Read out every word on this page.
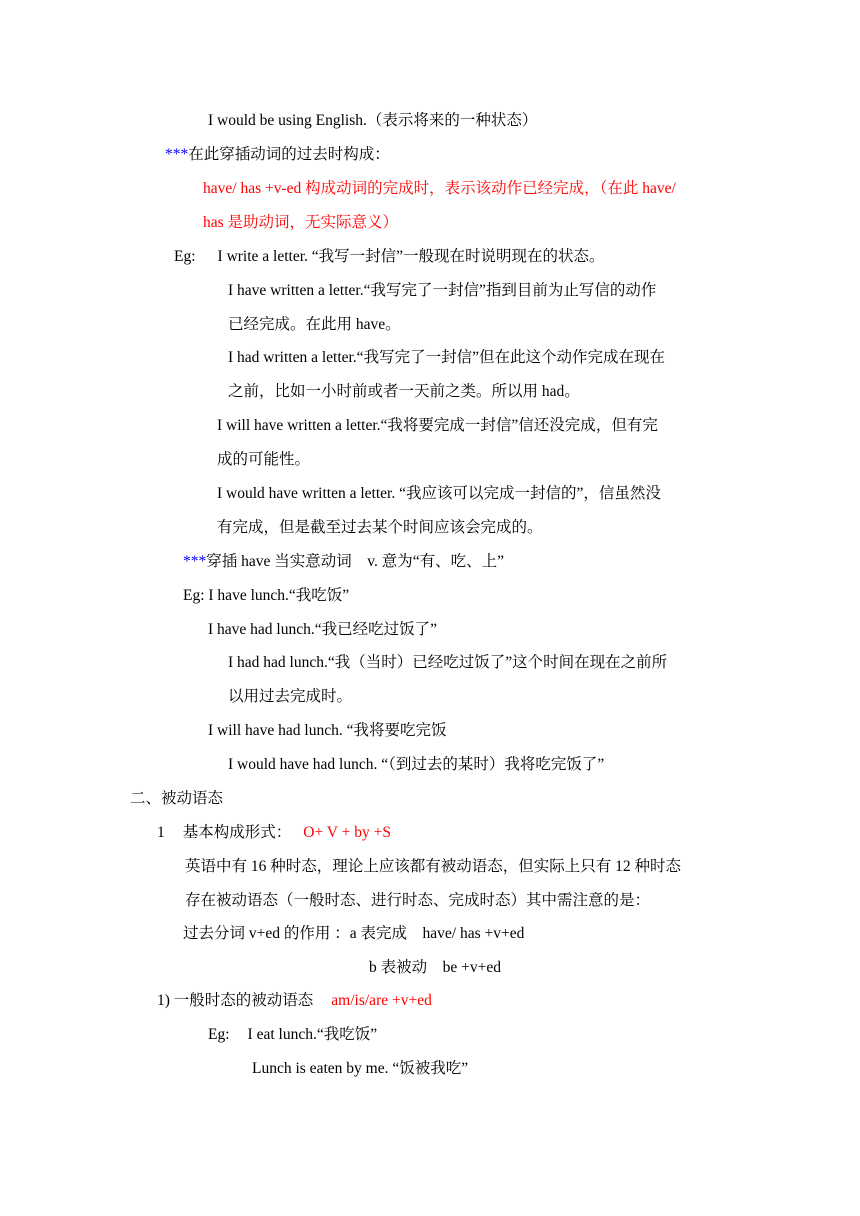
I would be using English.（表示将来的一种状态）
***在此穿插动词的过去时构成：
have/ has +v-ed 构成动词的完成时，表示该动作已经完成，（在此 have/
has 是助动词，无实际意义）
Eg: I write a letter. “我写一封信”一般现在时说明现在的状态。
I have written a letter.“我写完了一封信”指到目前为止写信的动作
已经完成。在此用 have。
I had written a letter.“我写完了一封信”但在此这个动作完成在现在
之前，比如一小时前或者一天前之类。所以用 had。
I will have written a letter.“我将要完成一封信”信还没完成，但有完
成的可能性。
I would have written a letter. “我应该可以完成一封信的”，信虽然没
有完成，但是截至过去某个时间应该会完成的。
***穿插 have 当实意动词　v. 意为“有、吃、上”
Eg: I have lunch.“我吃饭”
I have had lunch.“我已经吃过饭了”
I had had lunch.“我（当时）已经吃过饭了”这个时间在现在之前所
以用过去完成时。
I will have had lunch. “我将要吃完饭
I would have had lunch. “（到过去的某时）我将吃完饭了”
二、被动语态
1 基本构成形式： O+ V + by +S
英语中有 16 种时态，理论上应该都有被动语态，但实际上只有 12 种时态
存在被动语态（一般时态、进行时态、完成时态）其中需注意的是：
过去分词 v+ed 的作用 ：a 表完成　have/ has +v+ed
b 表被动　be +v+ed
1) 一般时态的被动语态 am/is/are +v+ed
Eg: I eat lunch.“我吃饭”
Lunch is eaten by me. “饭被我吃”
